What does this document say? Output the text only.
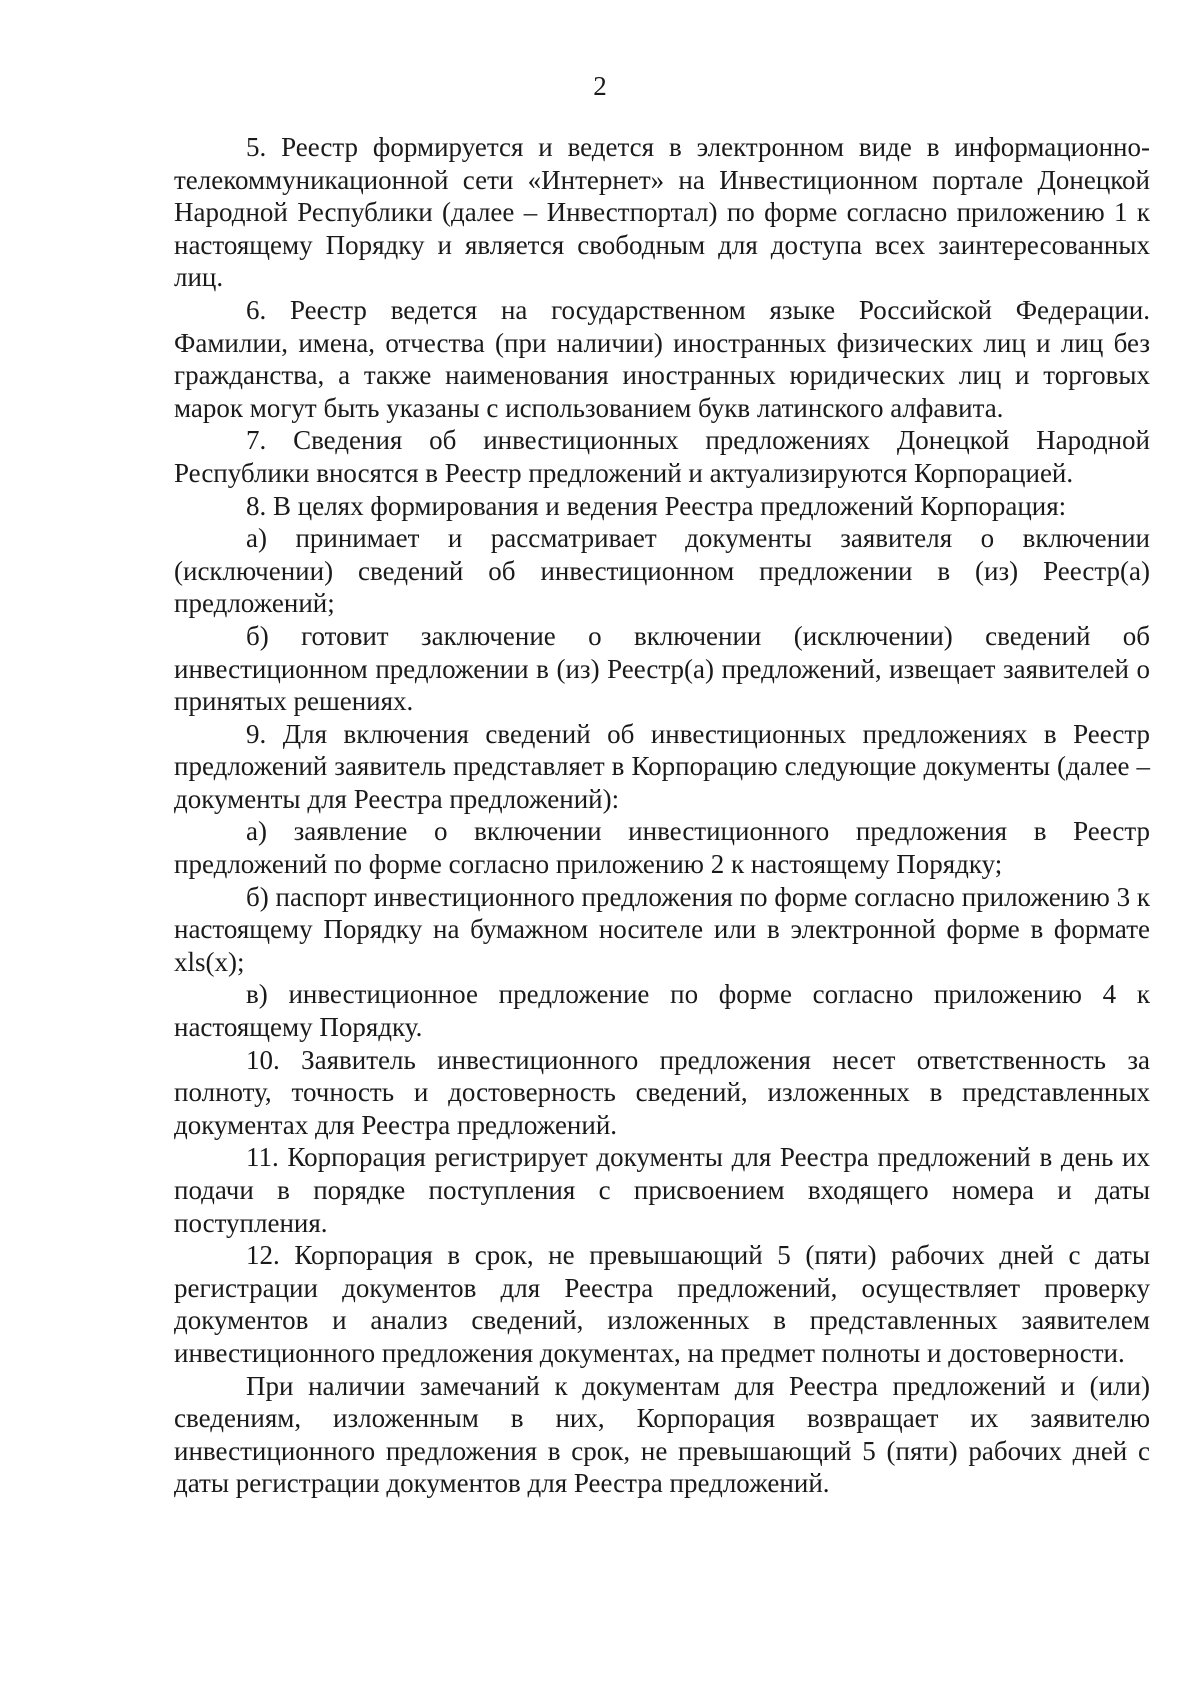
2

5. Реестр формируется и ведется в электронном виде в информационно-телекоммуникационной сети «Интернет» на Инвестиционном портале Донецкой Народной Республики (далее – Инвестпортал) по форме согласно приложению 1 к настоящему Порядку и является свободным для доступа всех заинтересованных лиц.

6. Реестр ведется на государственном языке Российской Федерации. Фамилии, имена, отчества (при наличии) иностранных физических лиц и лиц без гражданства, а также наименования иностранных юридических лиц и торговых марок могут быть указаны с использованием букв латинского алфавита.

7. Сведения об инвестиционных предложениях Донецкой Народной Республики вносятся в Реестр предложений и актуализируются Корпорацией.

8. В целях формирования и ведения Реестра предложений Корпорация:

а) принимает и рассматривает документы заявителя о включении (исключении) сведений об инвестиционном предложении в (из) Реестр(а) предложений;

б) готовит заключение о включении (исключении) сведений об инвестиционном предложении в (из) Реестр(а) предложений, извещает заявителей о принятых решениях.

9. Для включения сведений об инвестиционных предложениях в Реестр предложений заявитель представляет в Корпорацию следующие документы (далее – документы для Реестра предложений):

а) заявление о включении инвестиционного предложения в Реестр предложений по форме согласно приложению 2 к настоящему Порядку;

б) паспорт инвестиционного предложения по форме согласно приложению 3 к настоящему Порядку на бумажном носителе или в электронной форме в формате xls(x);

в) инвестиционное предложение по форме согласно приложению 4 к настоящему Порядку.

10. Заявитель инвестиционного предложения несет ответственность за полноту, точность и достоверность сведений, изложенных в представленных документах для Реестра предложений.

11. Корпорация регистрирует документы для Реестра предложений в день их подачи в порядке поступления с присвоением входящего номера и даты поступления.

12. Корпорация в срок, не превышающий 5 (пяти) рабочих дней с даты регистрации документов для Реестра предложений, осуществляет проверку документов и анализ сведений, изложенных в представленных заявителем инвестиционного предложения документах, на предмет полноты и достоверности.

При наличии замечаний к документам для Реестра предложений и (или) сведениям, изложенным в них, Корпорация возвращает их заявителю инвестиционного предложения в срок, не превышающий 5 (пяти) рабочих дней с даты регистрации документов для Реестра предложений.
